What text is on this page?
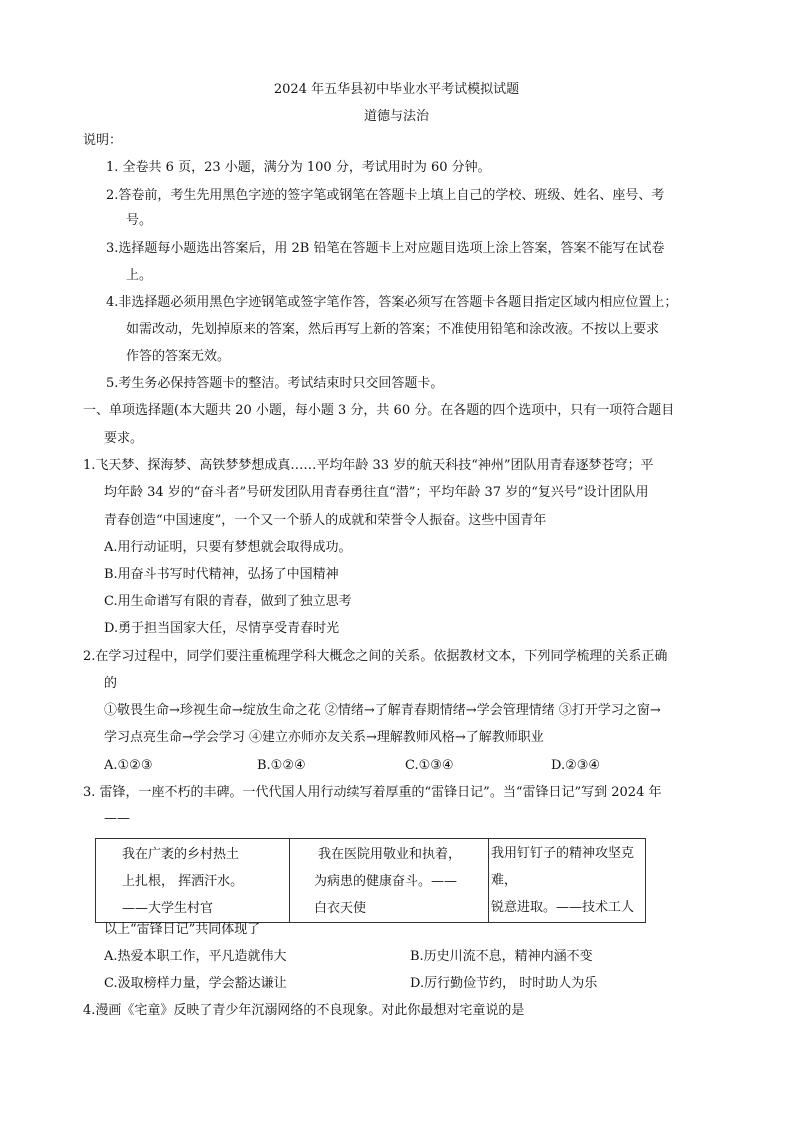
2024 年五华县初中毕业水平考试模拟试题
道德与法治
说明：
1. 全卷共 6 页，23 小题，满分为 100 分，考试用时为 60 分钟。
2.答卷前，考生先用黑色字迹的签字笔或钢笔在答题卡上填上自己的学校、班级、姓名、座号、考
号。
3.选择题每小题选出答案后，用 2B 铅笔在答题卡上对应题目选项上涂上答案，答案不能写在试卷
上。
4.非选择题必须用黑色字迹钢笔或签字笔作答，答案必须写在答题卡各题目指定区域内相应位置上；
如需改动，先划掉原来的答案，然后再写上新的答案；不准使用铅笔和涂改液。不按以上要求
作答的答案无效。
5.考生务必保持答题卡的整洁。考试结束时只交回答题卡。
一、单项选择题(本大题共 20 小题，每小题 3 分，共 60 分。在各题的四个选项中，只有一项符合题目
要求。
1.飞天梦、探海梦、高铁梦梦想成真……平均年龄 33 岁的航天科技“神州”团队用青春逐梦苍穹；平
均年龄 34 岁的“奋斗者”号研发团队用青春勇往直“潜”；平均年龄 37 岁的“复兴号”设计团队用
青春创造“中国速度”，一个又一个骄人的成就和荣誉令人振奋。这些中国青年
A.用行动证明，只要有梦想就会取得成功。
B.用奋斗书写时代精神，弘扬了中国精神
C.用生命谱写有限的青春，做到了独立思考
D.勇于担当国家大任，尽情享受青春时光
2.在学习过程中，同学们要注重梳理学科大概念之间的关系。依据教材文本，下列同学梳理的关系正确
的
①敬畏生命→珍视生命→绽放生命之花 ②情绪→了解青春期情绪→学会管理情绪 ③打开学习之窗→
学习点亮生命→学会学习 ④建立亦师亦友关系→理解教师风格→了解教师职业
A.①②③	B.①②④	C.①③④	D.②③④
3. 雷锋，一座不朽的丰碑。一代代国人用行动续写着厚重的“雷锋日记”。当“雷锋日记”写到 2024 年
——
我在广袤的乡村热土
上扎根， 挥洒汗水。
——大学生村官

我在医院用敬业和执着，
为病患的健康奋斗。——
白衣天使

我用钉钉子的精神攻坚克难，
锐意进取。——技术工人
以上“雷锋日记”共同体现了
A.热爱本职工作，平凡造就伟大	B.历史川流不息，精神内涵不变
C.汲取榜样力量，学会豁达谦让	D.厉行勤俭节约， 时时助人为乐
4.漫画《宅童》反映了青少年沉溺网络的不良现象。对此你最想对宅童说的是
